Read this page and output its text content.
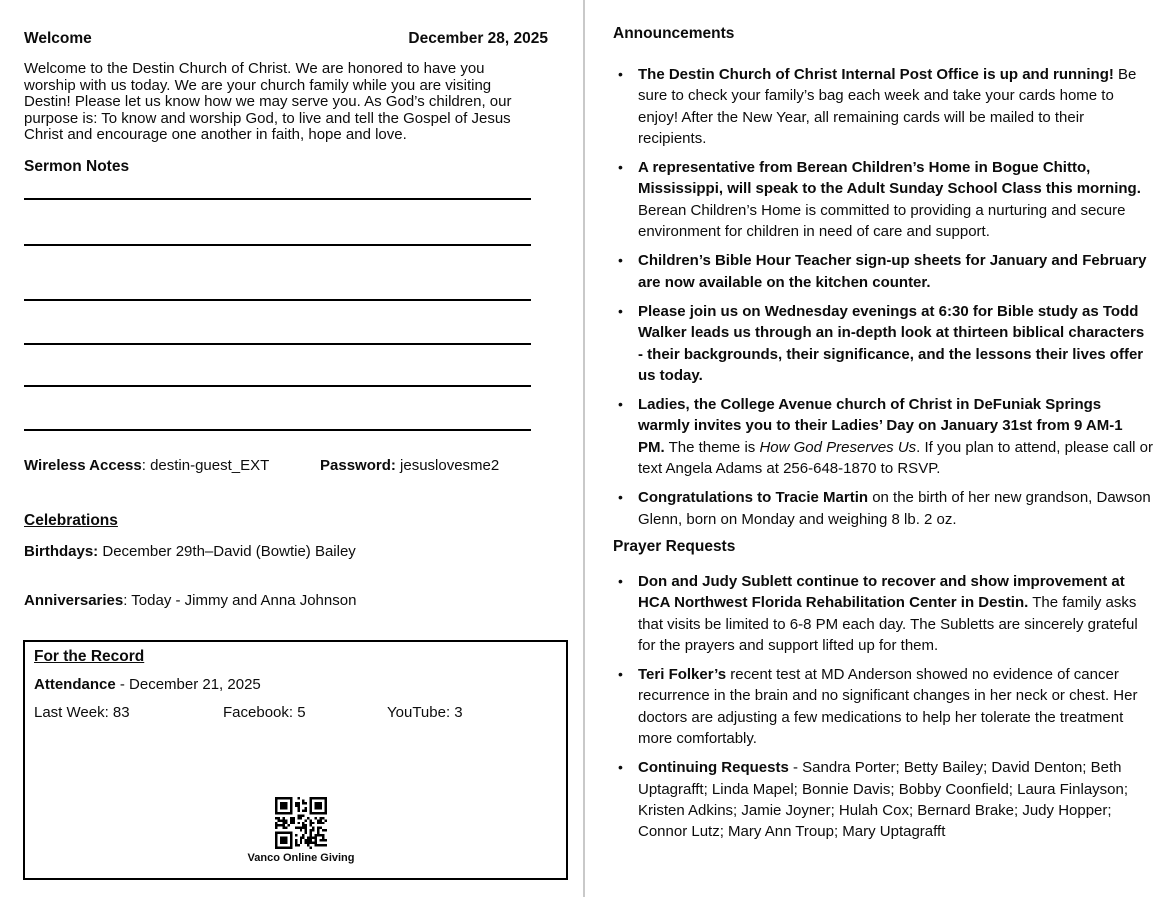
Welcome	December 28, 2025

Welcome to the Destin Church of Christ. We are honored to have you worship with us today. We are your church family while you are visiting Destin! Please let us know how we may serve you. As God’s children, our purpose is: To know and worship God, to live and tell the Gospel of Jesus Christ and encourage one another in faith, hope and love.

Sermon Notes
Wireless Access: destin-guest_EXT	Password: jesuslovesme2
Celebrations
Birthdays: December 29th–David (Bowtie) Bailey
Anniversaries: Today - Jimmy and Anna Johnson
For the Record
Attendance - December 21, 2025
Last Week: 83	Facebook: 5	YouTube: 3
Vanco Online Giving
Announcements
•	The Destin Church of Christ Internal Post Office is up and running! Be sure to check your family’s bag each week and take your cards home to enjoy! After the New Year, all remaining cards will be mailed to their recipients.
•	A representative from Berean Children’s Home in Bogue Chitto, Mississippi, will speak to the Adult Sunday School Class this morning. Berean Children’s Home is committed to providing a nurturing and secure environment for children in need of care and support.
•	Children’s Bible Hour Teacher sign-up sheets for January and February are now available on the kitchen counter.
•	Please join us on Wednesday evenings at 6:30 for Bible study as Todd Walker leads us through an in-depth look at thirteen biblical characters - their backgrounds, their significance, and the lessons their lives offer us today.
•	Ladies, the College Avenue church of Christ in DeFuniak Springs warmly invites you to their Ladies’ Day on January 31st from 9 AM-1 PM. The theme is How God Preserves Us. If you plan to attend, please call or text Angela Adams at 256-648-1870 to RSVP.
•	Congratulations to Tracie Martin on the birth of her new grandson, Dawson Glenn, born on Monday and weighing 8 lb. 2 oz.
Prayer Requests
•	Don and Judy Sublett continue to recover and show improvement at HCA Northwest Florida Rehabilitation Center in Destin. The family asks that visits be limited to 6-8 PM each day. The Subletts are sincerely grateful for the prayers and support lifted up for them.
•	Teri Folker’s recent test at MD Anderson showed no evidence of cancer recurrence in the brain and no significant changes in her neck or chest. Her doctors are adjusting a few medications to help her tolerate the treatment more comfortably.
•	Continuing Requests - Sandra Porter; Betty Bailey; David Denton; Beth Uptagrafft; Linda Mapel; Bonnie Davis; Bobby Coonfield; Laura Finlayson; Kristen Adkins; Jamie Joyner; Hulah Cox; Bernard Brake; Judy Hopper; Connor Lutz; Mary Ann Troup; Mary Uptagrafft
